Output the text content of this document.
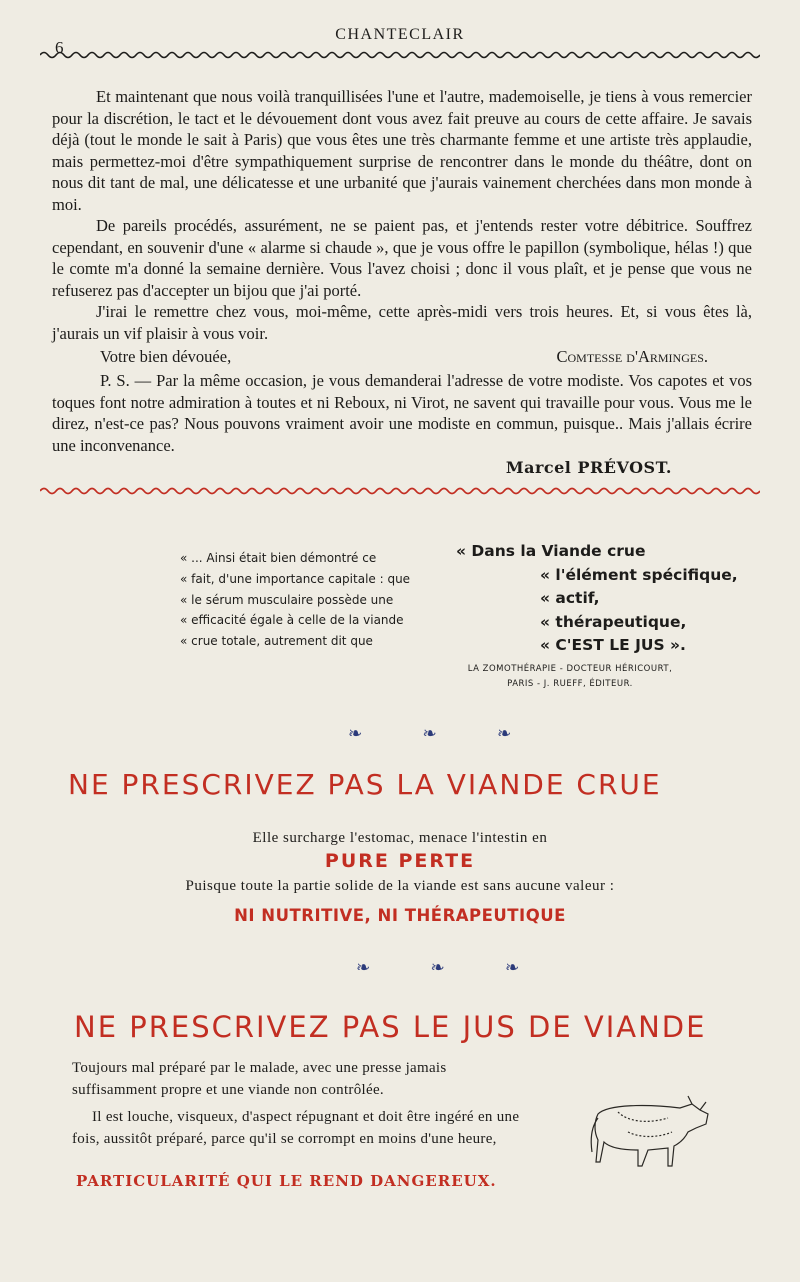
6
CHANTECLAIR

Et maintenant que nous voilà tranquillisées l'une et l'autre, mademoiselle, je tiens à vous remercier pour la discrétion, le tact et le dévouement dont vous avez fait preuve au cours de cette affaire. Je savais déjà (tout le monde le sait à Paris) que vous êtes une très charmante femme et une artiste très applaudie, mais permettez-moi d'être sympathiquement surprise de rencontrer dans le monde du théâtre, dont on nous dit tant de mal, une délicatesse et une urbanité que j'aurais vainement cherchées dans mon monde à moi.

De pareils procédés, assurément, ne se paient pas, et j'entends rester votre débitrice. Souffrez cependant, en souvenir d'une « alarme si chaude », que je vous offre le papillon (symbolique, hélas !) que le comte m'a donné la semaine dernière. Vous l'avez choisi ; donc il vous plaît, et je pense que vous ne refuserez pas d'accepter un bijou que j'ai porté.

J'irai le remettre chez vous, moi-même, cette après-midi vers trois heures. Et, si vous êtes là, j'aurais un vif plaisir à vous voir.

Votre bien dévouée,	Comtesse d'Arminges.
P. S. — Par la même occasion, je vous demanderai l'adresse de votre modiste. Vos capotes et vos toques font notre admiration à toutes et ni Reboux, ni Virot, ne savent qui travaille pour vous. Vous me le direz, n'est-ce pas? Nous pouvons vraiment avoir une modiste en commun, puisque.. Mais j'allais écrire une inconvenance.
Marcel PRÉVOST.
« ... Ainsi était bien démontré ce
« fait, d'une importance capitale : que
« le sérum musculaire possède une
« efficacité égale à celle de la viande
« crue totale, autrement dit que
« Dans la Viande crue
« l'élément spécifique,
« actif,
« thérapeutique,
« C'EST LE JUS ».
LA ZOMOTHÉRAPIE - DOCTEUR HÉRICOURT,
PARIS - J. RUEFF, ÉDITEUR.
❧ ❧ ❧
NE PRESCRIVEZ PAS LA VIANDE CRUE
Elle surcharge l'estomac, menace l'intestin en
PURE PERTE
Puisque toute la partie solide de la viande est sans aucune valeur :
NI NUTRITIVE, NI THÉRAPEUTIQUE
❧ ❧ ❧
NE PRESCRIVEZ PAS LE JUS DE VIANDE

Toujours mal préparé par le malade, avec une presse jamais suffisamment propre et une viande non contrôlée.

Il est louche, visqueux, d'aspect répugnant et doit être ingéré en une fois, aussitôt préparé, parce qu'il se corrompt en moins d'une heure,

PARTICULARITÉ QUI LE REND DANGEREUX.
